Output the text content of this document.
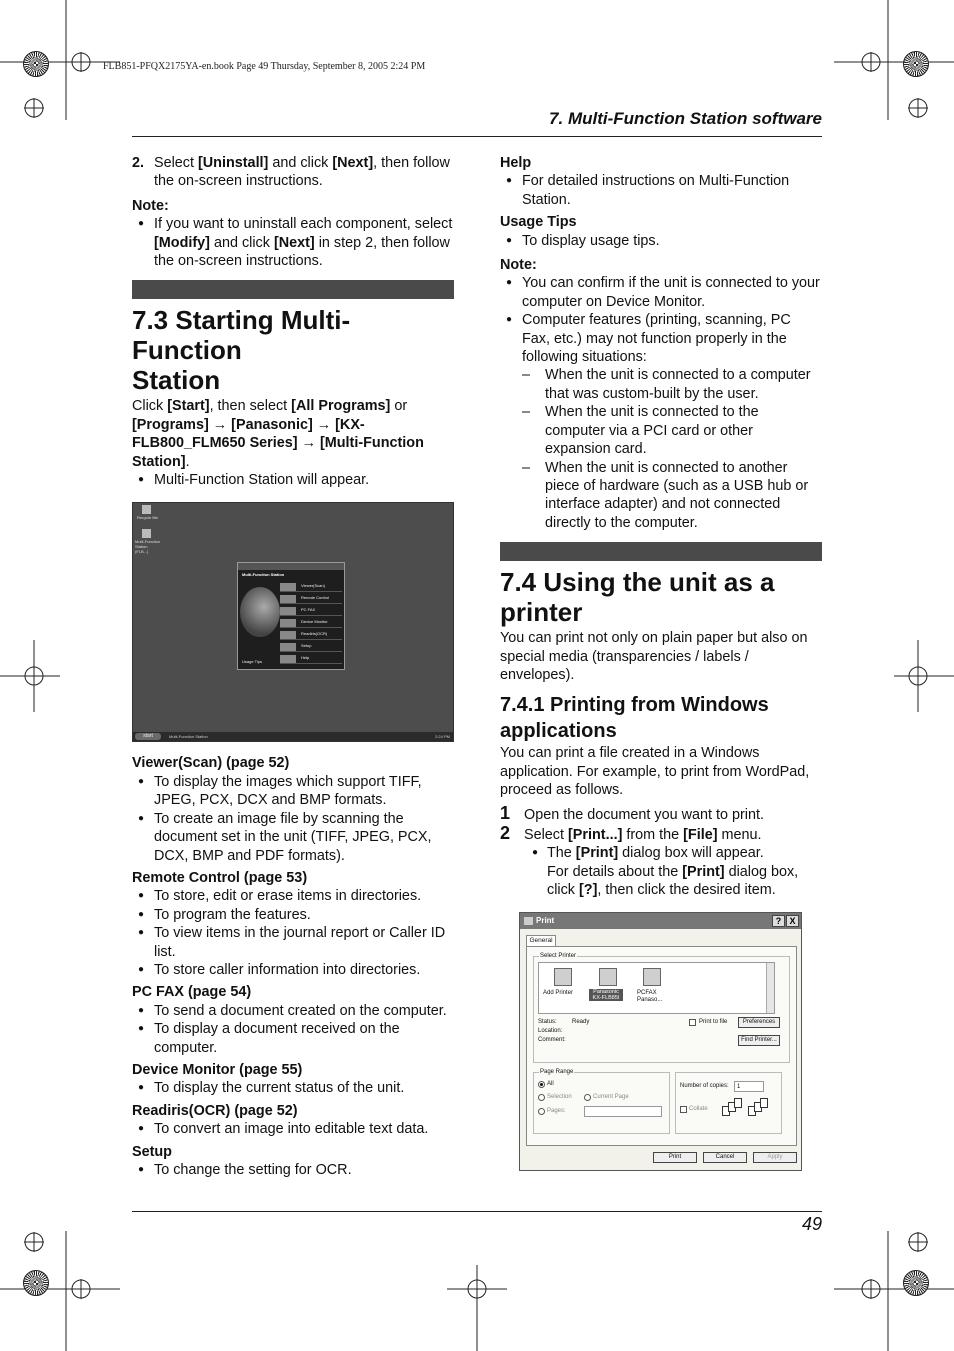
FLB851-PFQX2175YA-en.book Page 49 Thursday, September 8, 2005 2:24 PM
7. Multi-Function Station software
2. Select [Uninstall] and click [Next], then follow the on-screen instructions.
Note:
● If you want to uninstall each component, select [Modify] and click [Next] in step 2, then follow the on-screen instructions.
7.3 Starting Multi-Function
Station
Click [Start], then select [All Programs] or [Programs] → [Panasonic] → [KX-FLB800_FLM650 Series] → [Multi-Function Station].
● Multi-Function Station will appear.
Recycle Bin
Multi-Function Station (FLB...)
Multi-Function Station
Viewer(Scan)
Remote Control
PC FAX
Device Monitor
Readiris(OCR)
Setup
Help
Usage Tips
start	Multi-Function Station	2:24 PM
Viewer(Scan) (page 52)
● To display the images which support TIFF, JPEG, PCX, DCX and BMP formats.
● To create an image file by scanning the document set in the unit (TIFF, JPEG, PCX, DCX, BMP and PDF formats).
Remote Control (page 53)
● To store, edit or erase items in directories.
● To program the features.
● To view items in the journal report or Caller ID list.
● To store caller information into directories.
PC FAX (page 54)
● To send a document created on the computer.
● To display a document received on the computer.
Device Monitor (page 55)
● To display the current status of the unit.
Readiris(OCR) (page 52)
● To convert an image into editable text data.
Setup
● To change the setting for OCR.
Help
● For detailed instructions on Multi-Function Station.
Usage Tips
● To display usage tips.
Note:
● You can confirm if the unit is connected to your computer on Device Monitor.
● Computer features (printing, scanning, PC Fax, etc.) may not function properly in the following situations:
– When the unit is connected to a computer that was custom-built by the user.
– When the unit is connected to the computer via a PCI card or other expansion card.
– When the unit is connected to another piece of hardware (such as a USB hub or interface adapter) and not connected directly to the computer.
7.4 Using the unit as a
printer
You can print not only on plain paper but also on special media (transparencies / labels / envelopes).
7.4.1 Printing from Windows
applications
You can print a file created in a Windows application. For example, to print from WordPad, proceed as follows.
1 Open the document you want to print.
2 Select [Print...] from the [File] menu.
● The [Print] dialog box will appear.
For details about the [Print] dialog box, click [?], then click the desired item.
Print	? X
General
Select Printer
Add Printer	Panasonic KX-FLB85I
PCFAX Panaso...
Status:	Ready
Location:
Comment:
Print to file	Preferences
Find Printer...
Page Range
All
Selection	Current Page
Pages:
Number of copies:	1
Collate
Print	Cancel	Apply
49
